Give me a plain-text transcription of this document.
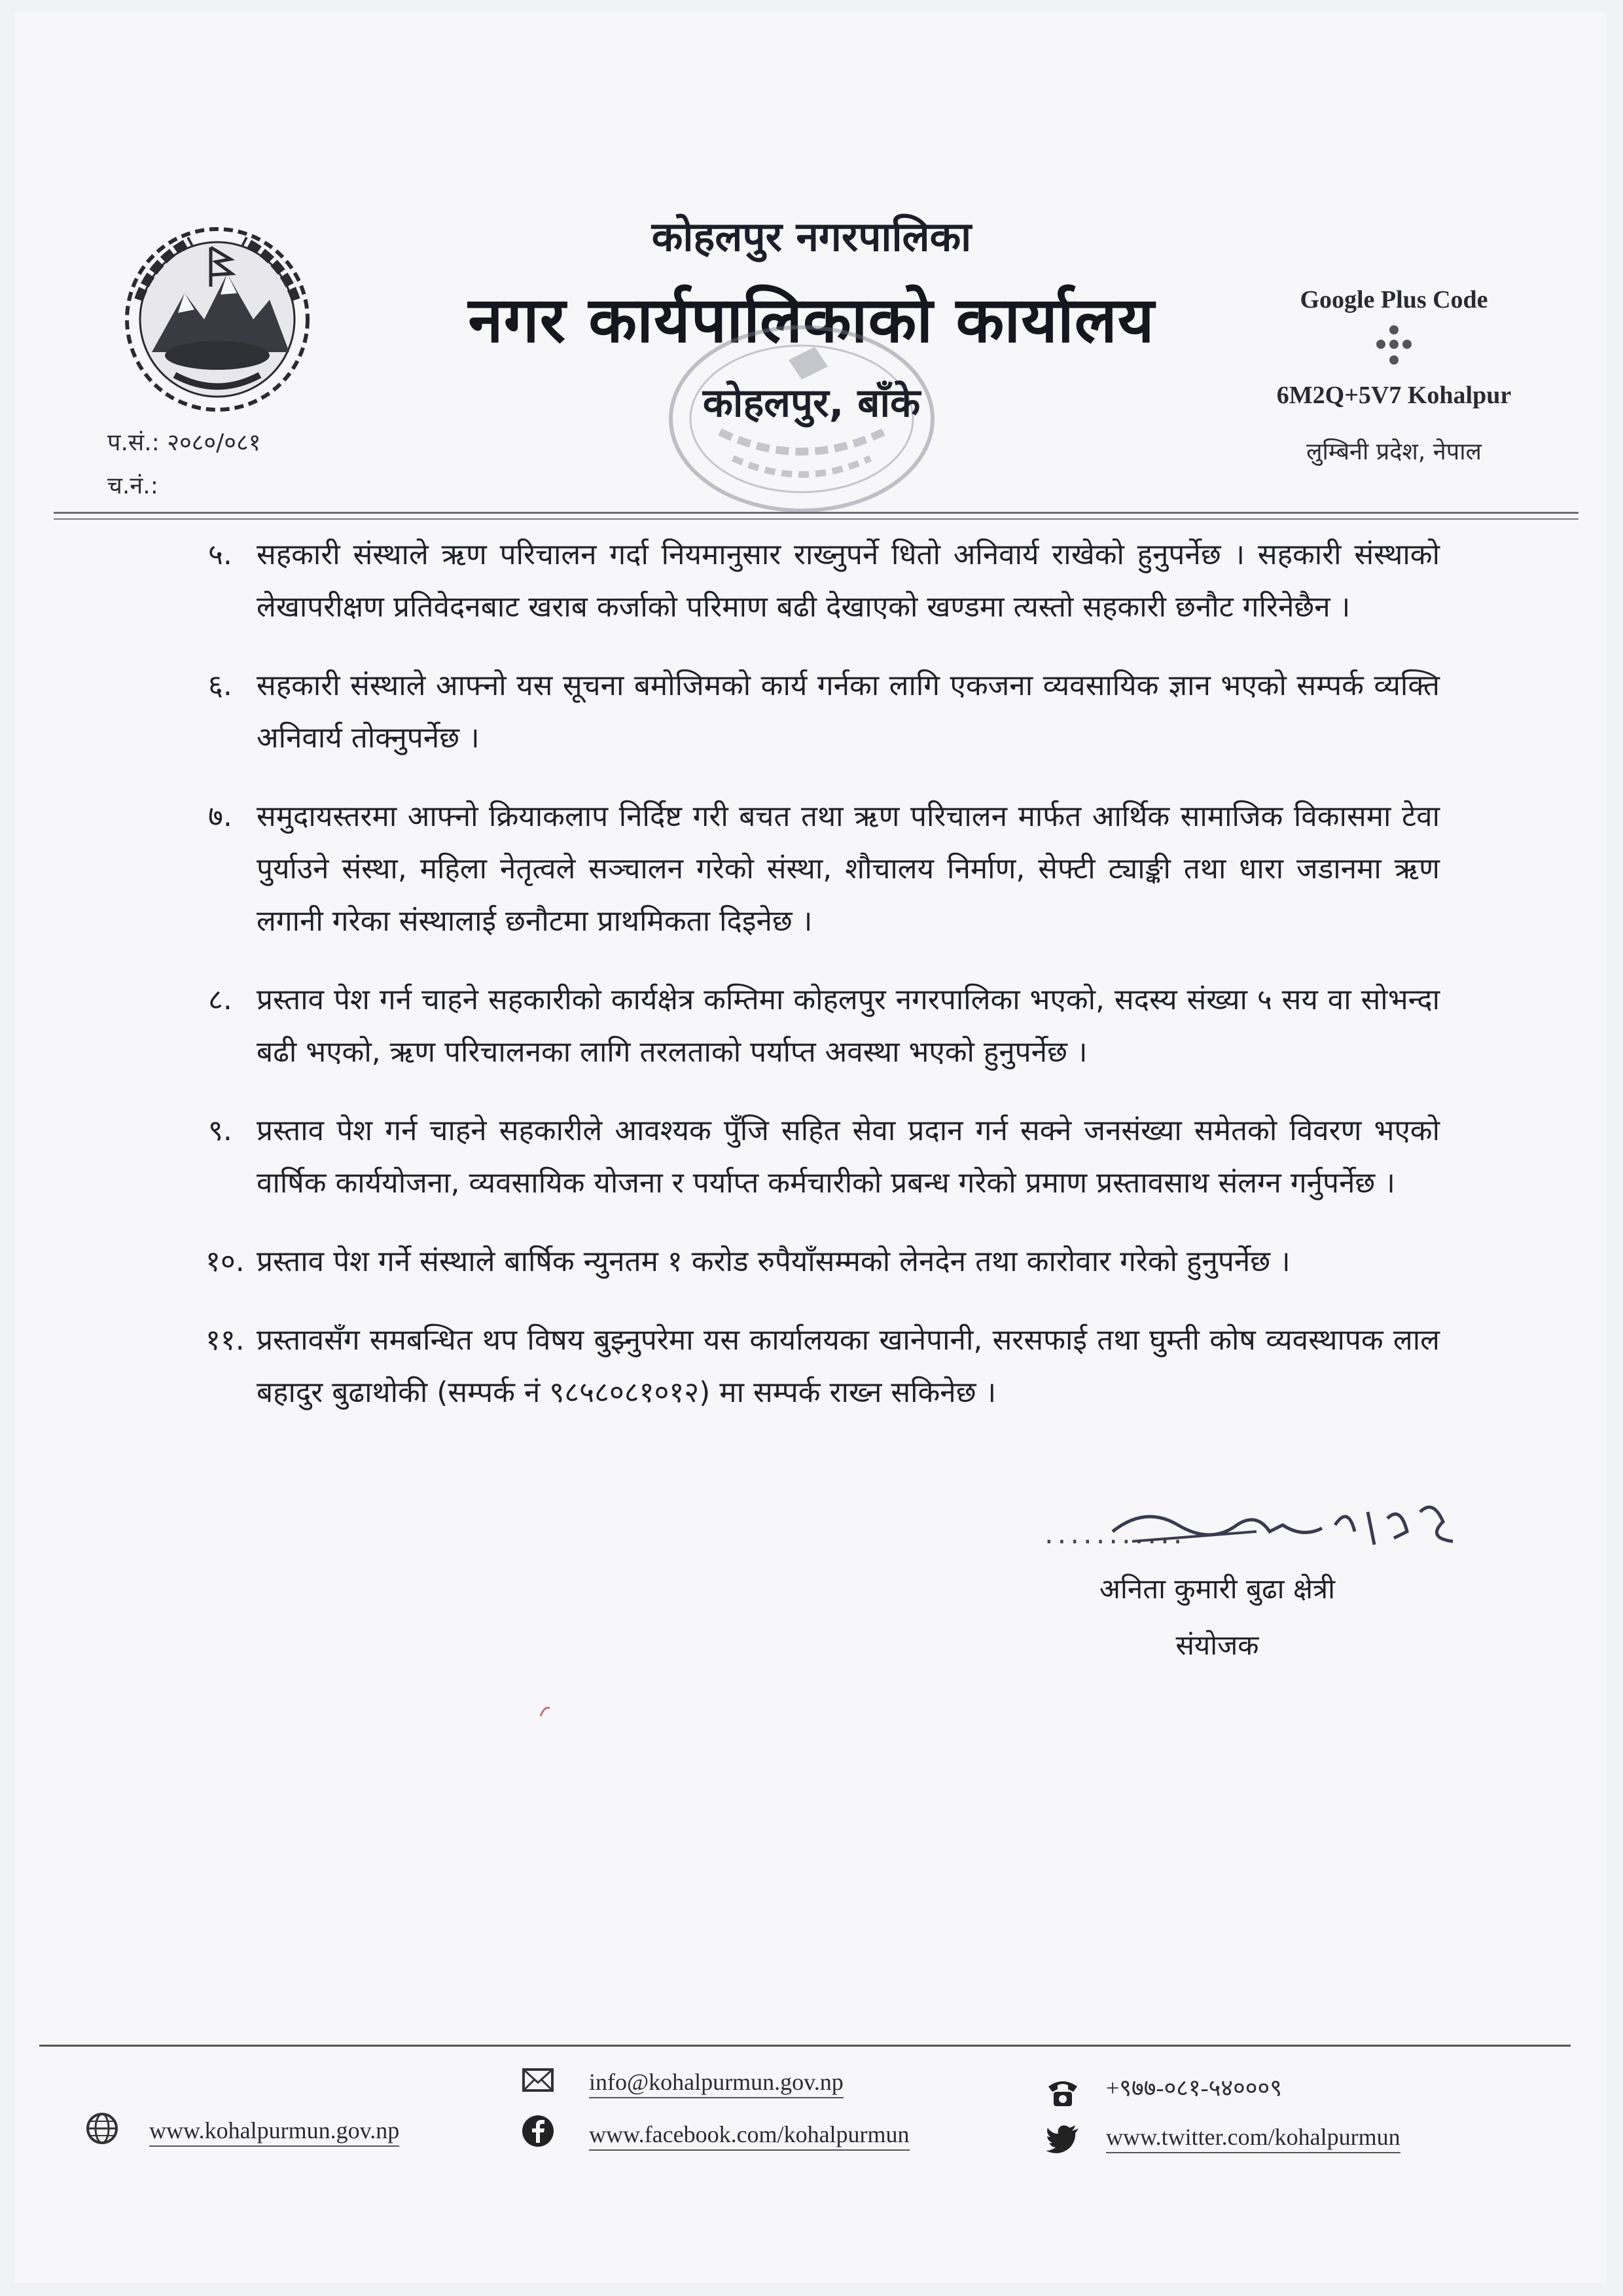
कोहलपुर नगरपालिका
नगर कार्यपालिकाको कार्यालय
कोहलपुर, बाँके
Google Plus Code
6M2Q+5V7 Kohalpur
लुम्बिनी प्रदेश, नेपाल
प.सं.: २०८०/०८१
च.नं.:
५. सहकारी संस्थाले ऋण परिचालन गर्दा नियमानुसार राख्नुपर्ने धितो अनिवार्य राखेको हुनुपर्नेछ । सहकारी संस्थाको लेखापरीक्षण प्रतिवेदनबाट खराब कर्जाको परिमाण बढी देखाएको खण्डमा त्यस्तो सहकारी छनौट गरिनेछैन ।
६. सहकारी संस्थाले आफ्नो यस सूचना बमोजिमको कार्य गर्नका लागि एकजना व्यवसायिक ज्ञान भएको सम्पर्क व्यक्ति अनिवार्य तोक्नुपर्नेछ ।
७. समुदायस्तरमा आफ्नो क्रियाकलाप निर्दिष्ट गरी बचत तथा ऋण परिचालन मार्फत आर्थिक सामाजिक विकासमा टेवा पुर्याउने संस्था, महिला नेतृत्वले सञ्चालन गरेको संस्था, शौचालय निर्माण, सेफ्टी ट्याङ्की तथा धारा जडानमा ऋण लगानी गरेका संस्थालाई छनौटमा प्राथमिकता दिइनेछ ।
८. प्रस्ताव पेश गर्न चाहने सहकारीको कार्यक्षेत्र कम्तिमा कोहलपुर नगरपालिका भएको, सदस्य संख्या ५ सय वा सोभन्दा बढी भएको, ऋण परिचालनका लागि तरलताको पर्याप्त अवस्था भएको हुनुपर्नेछ ।
९. प्रस्ताव पेश गर्न चाहने सहकारीले आवश्यक पुँजि सहित सेवा प्रदान गर्न सक्ने जनसंख्या समेतको विवरण भएको वार्षिक कार्ययोजना, व्यवसायिक योजना र पर्याप्त कर्मचारीको प्रबन्ध गरेको प्रमाण प्रस्तावसाथ संलग्न गर्नुपर्नेछ ।
१०. प्रस्ताव पेश गर्ने संस्थाले बार्षिक न्युनतम १ करोड रुपैयाँसम्मको लेनदेन तथा कारोवार गरेको हुनुपर्नेछ ।
११. प्रस्तावसँग समबन्धित थप विषय बुझ्नुपरेमा यस कार्यालयका खानेपानी, सरसफाई तथा घुम्ती कोष व्यवस्थापक लाल बहादुर बुढाथोकी (सम्पर्क नं ९८५८०८१०१२) मा सम्पर्क राख्न सकिनेछ ।
...........
अनिता कुमारी बुढा क्षेत्री
संयोजक
www.kohalpurmun.gov.np
info@kohalpurmun.gov.np
www.facebook.com/kohalpurmun
+९७७-०८१-५४०००९
www.twitter.com/kohalpurmun
